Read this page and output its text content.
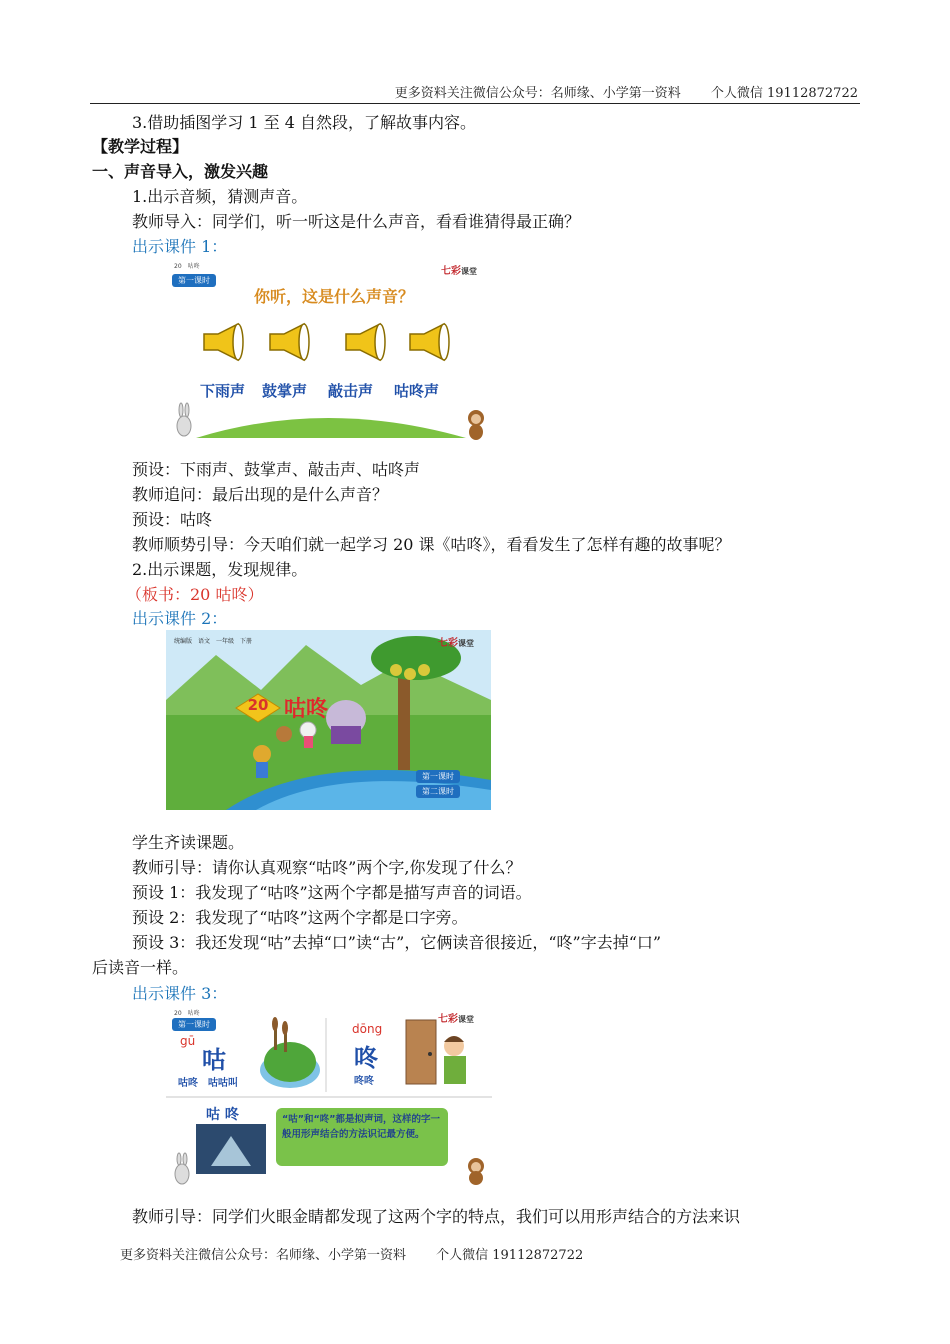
更多资料关注微信公众号：名师缘、小学第一资料　　 个人微信 19112872722
3.借助插图学习 1 至 4 自然段，了解故事内容。
【教学过程】
一、声音导入，激发兴趣
1.出示音频，猜测声音。
教师导入：同学们，听一听这是什么声音，看看谁猜得最正确？
出示课件 1：
20　咕咚
第一课时
七彩课堂
你听，这是什么声音？
下雨声 鼓掌声 敲击声 咕咚声
预设：下雨声、鼓掌声、敲击声、咕咚声
教师追问：最后出现的是什么声音？
预设：咕咚
教师顺势引导：今天咱们就一起学习 20 课《咕咚》，看看发生了怎样有趣的故事呢？
2.出示课题，发现规律。
（板书：20 咕咚）
出示课件 2：
统编版　语文　一年级　下册	七彩课堂
20 咕咚
第一课时
第二课时
学生齐读课题。
教师引导：请你认真观察“咕咚”两个字,你发现了什么？
预设 1：我发现了“咕咚”这两个字都是描写声音的词语。
预设 2：我发现了“咕咚”这两个字都是口字旁。
预设 3：我还发现“咕”去掉“口”读“古”，它俩读音很接近，“咚”字去掉“口”
后读音一样。
出示课件 3：
20　咕咚
第一课时	七彩课堂
gū
咕
咕咚　咕咕叫
dōng
咚
咚咚
咕 咚	“咕”和“咚”都是拟声词，这样的字一般用形声结合的方法识记最方便。
教师引导：同学们火眼金睛都发现了这两个字的特点，我们可以用形声结合的方法来识
更多资料关注微信公众号：名师缘、小学第一资料　　 个人微信 19112872722
